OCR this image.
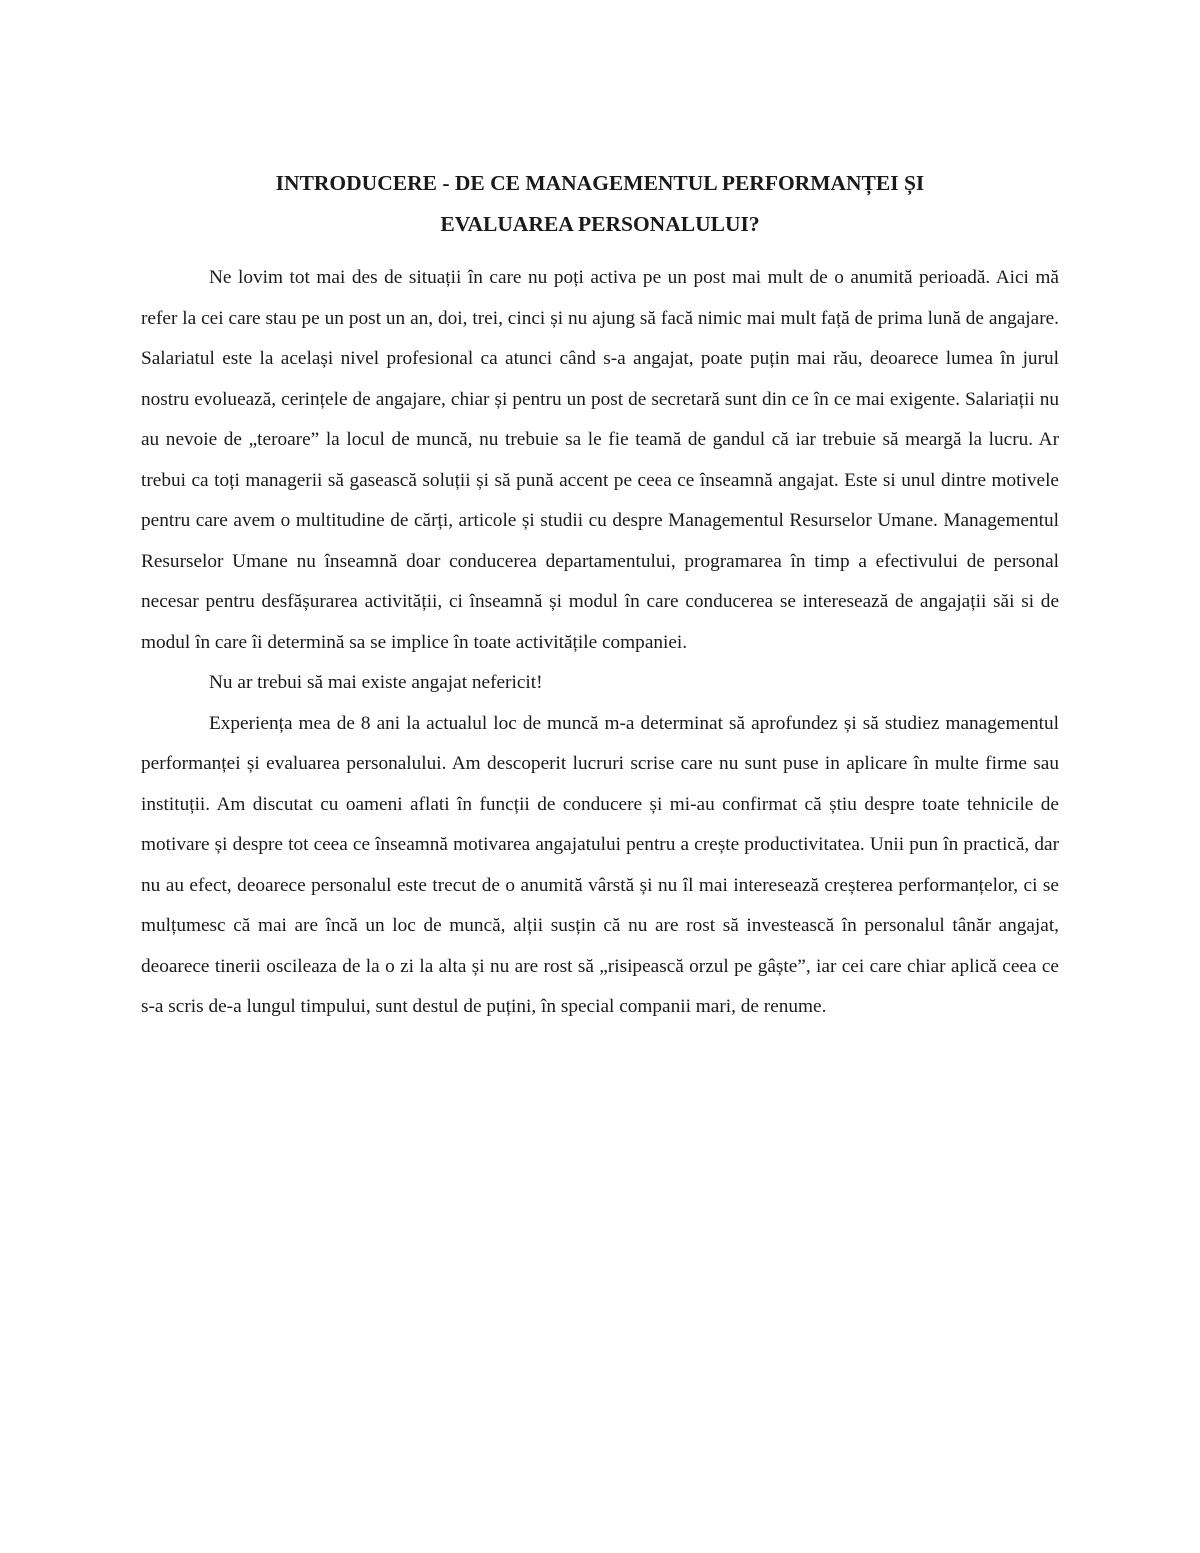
INTRODUCERE - DE CE MANAGEMENTUL PERFORMANȚEI ȘI
EVALUAREA PERSONALULUI?

Ne lovim tot mai des de situații în care nu poți activa pe un post mai mult de o anumită perioadă. Aici mă refer la cei care stau pe un post un an, doi, trei, cinci și nu ajung să facă nimic mai mult față de prima lună de angajare. Salariatul este la același nivel profesional ca atunci când s-a angajat, poate puțin mai rău, deoarece lumea în jurul nostru evoluează, cerințele de angajare, chiar și pentru un post de secretară sunt din ce în ce mai exigente. Salariații nu au nevoie de „teroare” la locul de muncă, nu trebuie sa le fie teamă de gandul că iar trebuie să meargă la lucru. Ar trebui ca toți managerii să gasească soluții și să pună accent pe ceea ce înseamnă angajat. Este si unul dintre motivele pentru care avem o multitudine de cărți, articole și studii cu despre Managementul Resurselor Umane. Managementul Resurselor Umane nu înseamnă doar conducerea departamentului, programarea în timp a efectivului de personal necesar pentru desfășurarea activității, ci înseamnă și modul în care conducerea se interesează de angajații săi si de modul în care îi determină sa se implice în toate activitățile companiei.

Nu ar trebui să mai existe angajat nefericit!

Experiența mea de 8 ani la actualul loc de muncă m-a determinat să aprofundez și să studiez managementul performanței și evaluarea personalului. Am descoperit lucruri scrise care nu sunt puse in aplicare în multe firme sau instituții. Am discutat cu oameni aflati în funcții de conducere și mi-au confirmat că știu despre toate tehnicile de motivare și despre tot ceea ce înseamnă motivarea angajatului pentru a crește productivitatea. Unii pun în practică, dar nu au efect, deoarece personalul este trecut de o anumită vârstă și nu îl mai interesează creșterea performanțelor, ci se mulțumesc că mai are încă un loc de muncă, alții susțin că nu are rost să investească în personalul tânăr angajat, deoarece tinerii oscileaza de la o zi la alta și nu are rost să „risipească orzul pe gâște”, iar cei care chiar aplică ceea ce s-a scris de-a lungul timpului, sunt destul de puțini, în special companii mari, de renume.
